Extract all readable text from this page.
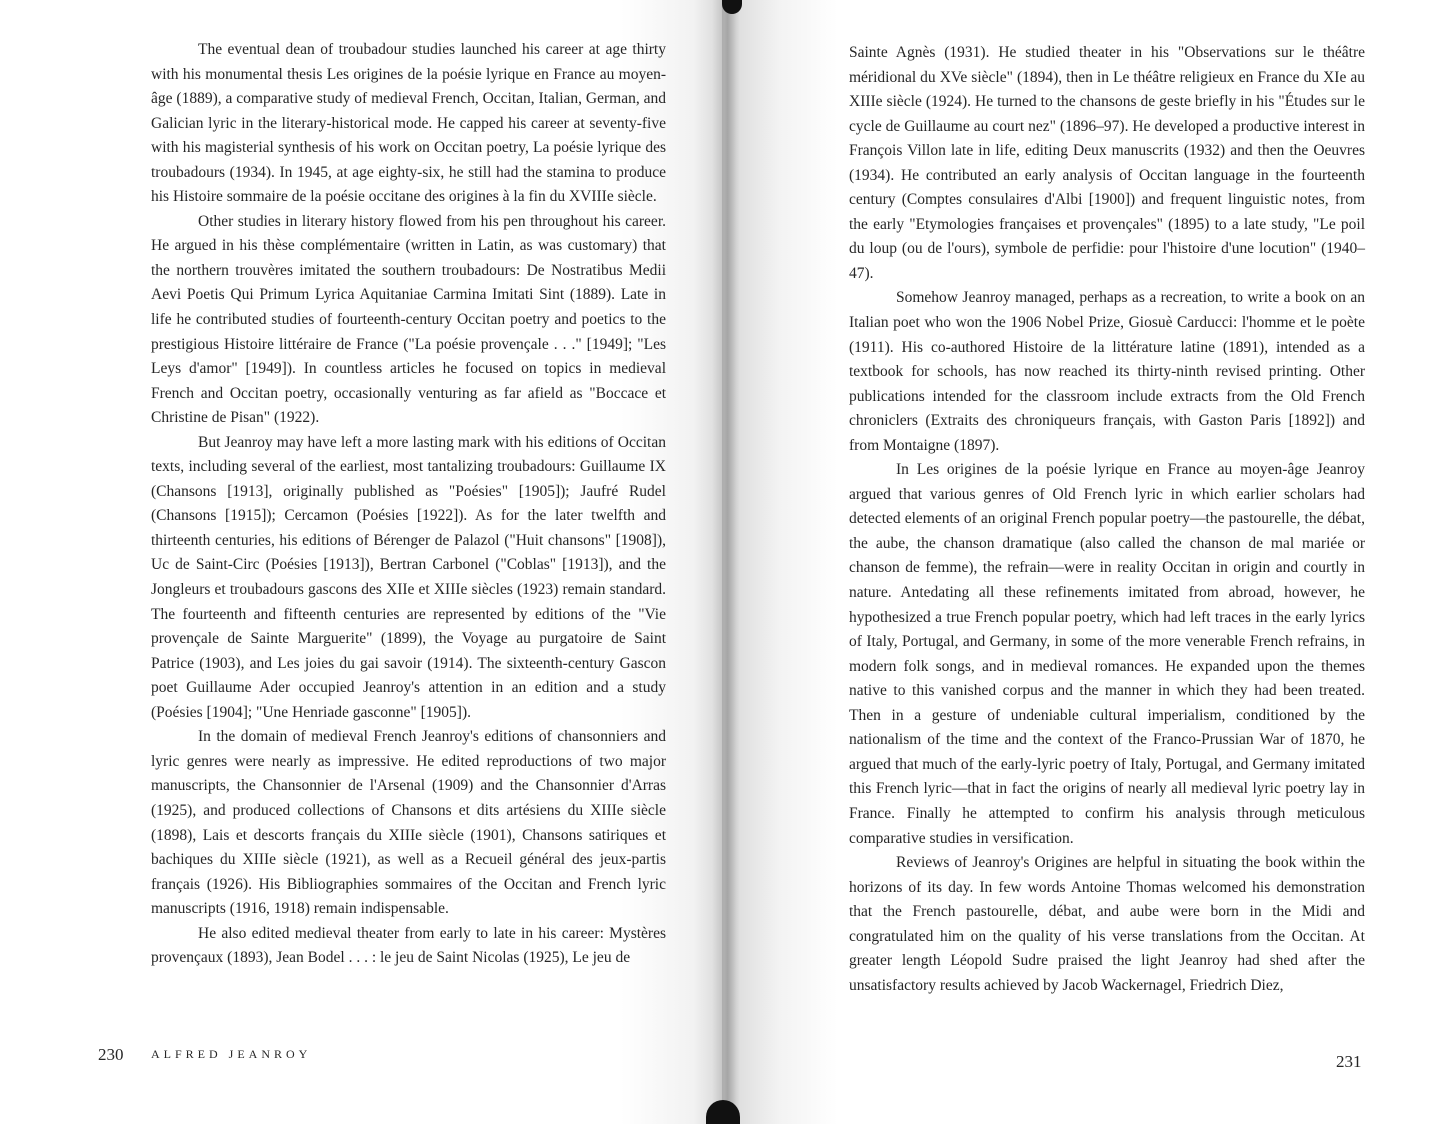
The eventual dean of troubadour studies launched his career at age thirty with his monumental thesis Les origines de la poésie lyrique en France au moyen-âge (1889), a comparative study of medieval French, Occitan, Italian, German, and Galician lyric in the literary-historical mode. He capped his career at seventy-five with his magisterial synthesis of his work on Occitan poetry, La poésie lyrique des troubadours (1934). In 1945, at age eighty-six, he still had the stamina to produce his Histoire sommaire de la poésie occitane des origines à la fin du XVIIIe siècle.

Other studies in literary history flowed from his pen throughout his career. He argued in his thèse complémentaire (written in Latin, as was customary) that the northern trouvères imitated the southern troubadours: De Nostratibus Medii Aevi Poetis Qui Primum Lyrica Aquitaniae Carmina Imitati Sint (1889). Late in life he contributed studies of fourteenth-century Occitan poetry and poetics to the prestigious Histoire littéraire de France ("La poésie provençale . . ." [1949]; "Les Leys d'amor" [1949]). In countless articles he focused on topics in medieval French and Occitan poetry, occasionally venturing as far afield as "Boccace et Christine de Pisan" (1922).

But Jeanroy may have left a more lasting mark with his editions of Occitan texts, including several of the earliest, most tantalizing troubadours: Guillaume IX (Chansons [1913], originally published as "Poésies" [1905]); Jaufré Rudel (Chansons [1915]); Cercamon (Poésies [1922]). As for the later twelfth and thirteenth centuries, his editions of Bérenger de Palazol ("Huit chansons" [1908]), Uc de Saint-Circ (Poésies [1913]), Bertran Carbonel ("Coblas" [1913]), and the Jongleurs et troubadours gascons des XIIe et XIIIe siècles (1923) remain standard. The fourteenth and fifteenth centuries are represented by editions of the "Vie provençale de Sainte Marguerite" (1899), the Voyage au purgatoire de Saint Patrice (1903), and Les joies du gai savoir (1914). The sixteenth-century Gascon poet Guillaume Ader occupied Jeanroy's attention in an edition and a study (Poésies [1904]; "Une Henriade gasconne" [1905]).

In the domain of medieval French Jeanroy's editions of chansonniers and lyric genres were nearly as impressive. He edited reproductions of two major manuscripts, the Chansonnier de l'Arsenal (1909) and the Chansonnier d'Arras (1925), and produced collections of Chansons et dits artésiens du XIIIe siècle (1898), Lais et descorts français du XIIIe siècle (1901), Chansons satiriques et bachiques du XIIIe siècle (1921), as well as a Recueil général des jeux-partis français (1926). His Bibliographies sommaires of the Occitan and French lyric manuscripts (1916, 1918) remain indispensable.

He also edited medieval theater from early to late in his career: Mystères provençaux (1893), Jean Bodel . . . : le jeu de Saint Nicolas (1925), Le jeu de

230 ALFRED JEANROY

Sainte Agnès (1931). He studied theater in his "Observations sur le théâtre méridional du XVe siècle" (1894), then in Le théâtre religieux en France du XIe au XIIIe siècle (1924). He turned to the chansons de geste briefly in his "Études sur le cycle de Guillaume au court nez" (1896–97). He developed a productive interest in François Villon late in life, editing Deux manuscrits (1932) and then the Oeuvres (1934). He contributed an early analysis of Occitan language in the fourteenth century (Comptes consulaires d'Albi [1900]) and frequent linguistic notes, from the early "Etymologies françaises et provençales" (1895) to a late study, "Le poil du loup (ou de l'ours), symbole de perfidie: pour l'histoire d'une locution" (1940–47).

Somehow Jeanroy managed, perhaps as a recreation, to write a book on an Italian poet who won the 1906 Nobel Prize, Giosuè Carducci: l'homme et le poète (1911). His co-authored Histoire de la littérature latine (1891), intended as a textbook for schools, has now reached its thirty-ninth revised printing. Other publications intended for the classroom include extracts from the Old French chroniclers (Extraits des chroniqueurs français, with Gaston Paris [1892]) and from Montaigne (1897).

In Les origines de la poésie lyrique en France au moyen-âge Jeanroy argued that various genres of Old French lyric in which earlier scholars had detected elements of an original French popular poetry—the pastourelle, the débat, the aube, the chanson dramatique (also called the chanson de mal mariée or chanson de femme), the refrain—were in reality Occitan in origin and courtly in nature. Antedating all these refinements imitated from abroad, however, he hypothesized a true French popular poetry, which had left traces in the early lyrics of Italy, Portugal, and Germany, in some of the more venerable French refrains, in modern folk songs, and in medieval romances. He expanded upon the themes native to this vanished corpus and the manner in which they had been treated. Then in a gesture of undeniable cultural imperialism, conditioned by the nationalism of the time and the context of the Franco-Prussian War of 1870, he argued that much of the early-lyric poetry of Italy, Portugal, and Germany imitated this French lyric—that in fact the origins of nearly all medieval lyric poetry lay in France. Finally he attempted to confirm his analysis through meticulous comparative studies in versification.

Reviews of Jeanroy's Origines are helpful in situating the book within the horizons of its day. In few words Antoine Thomas welcomed his demonstration that the French pastourelle, débat, and aube were born in the Midi and congratulated him on the quality of his verse translations from the Occitan. At greater length Léopold Sudre praised the light Jeanroy had shed after the unsatisfactory results achieved by Jacob Wackernagel, Friedrich Diez,

231
